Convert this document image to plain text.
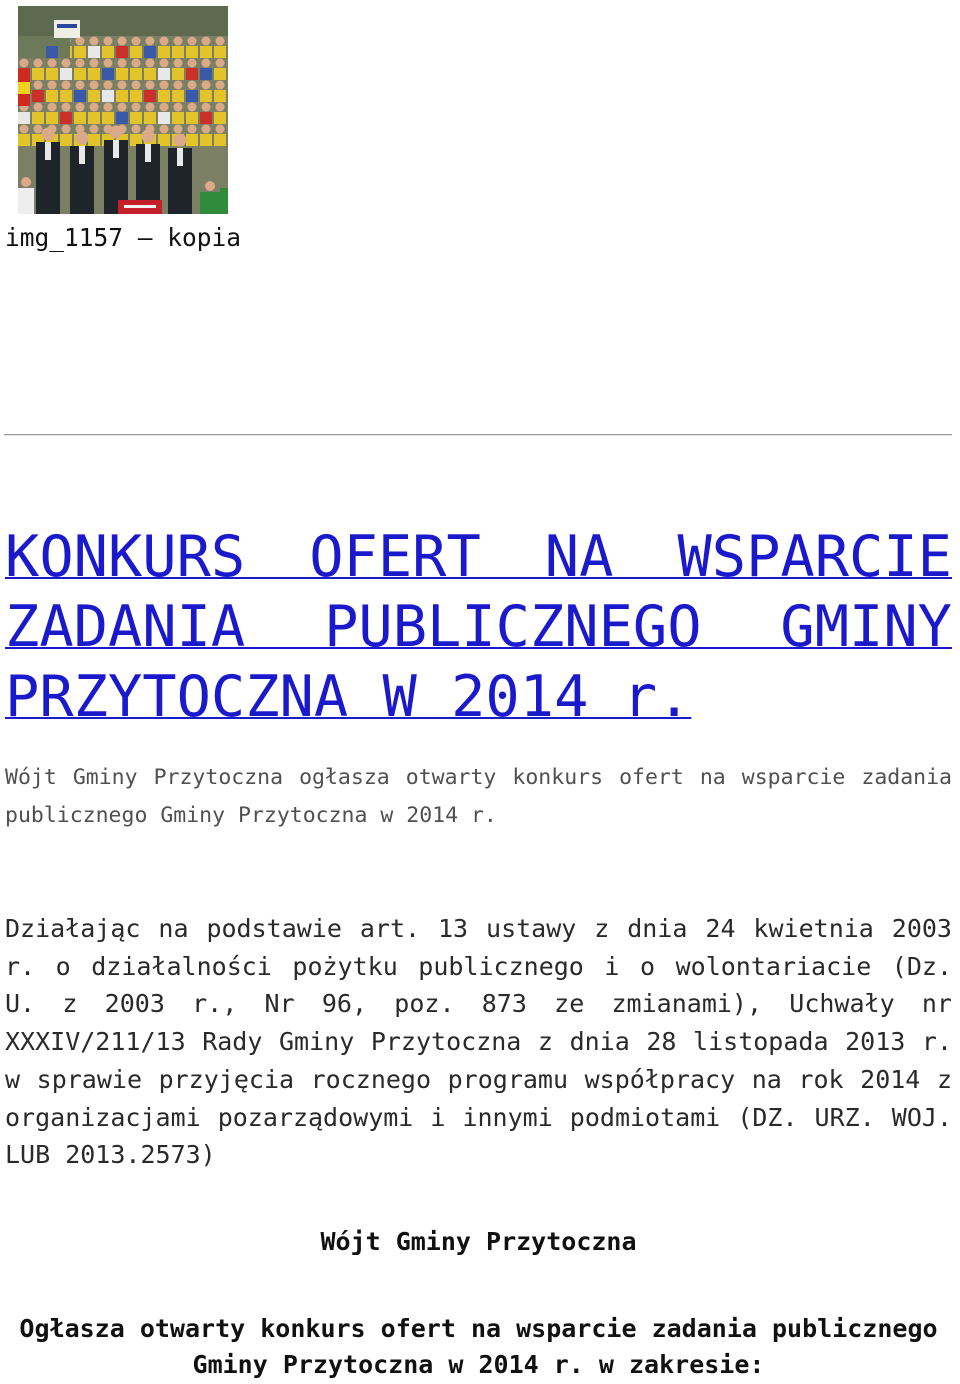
img_1157 – kopia

KONKURS OFERT NA WSPARCIE ZADANIA PUBLICZNEGO GMINY PRZYTOCZNA W 2014 r.

Wójt Gminy Przytoczna ogłasza otwarty konkurs ofert na wsparcie zadania publicznego Gminy Przytoczna w 2014 r.

Działając na podstawie art. 13 ustawy z dnia 24 kwietnia 2003 r. o działalności pożytku publicznego i o wolontariacie (Dz. U. z 2003 r., Nr 96, poz. 873 ze zmianami), Uchwały nr XXXIV/211/13 Rady Gminy Przytoczna z dnia 28 listopada 2013 r. w sprawie przyjęcia rocznego programu współpracy na rok 2014 z organizacjami pozarządowymi i innymi podmiotami (DZ. URZ. WOJ. LUB 2013.2573)

Wójt Gminy Przytoczna

Ogłasza otwarty konkurs ofert na wsparcie zadania publicznego Gminy Przytoczna w 2014 r. w zakresie:
